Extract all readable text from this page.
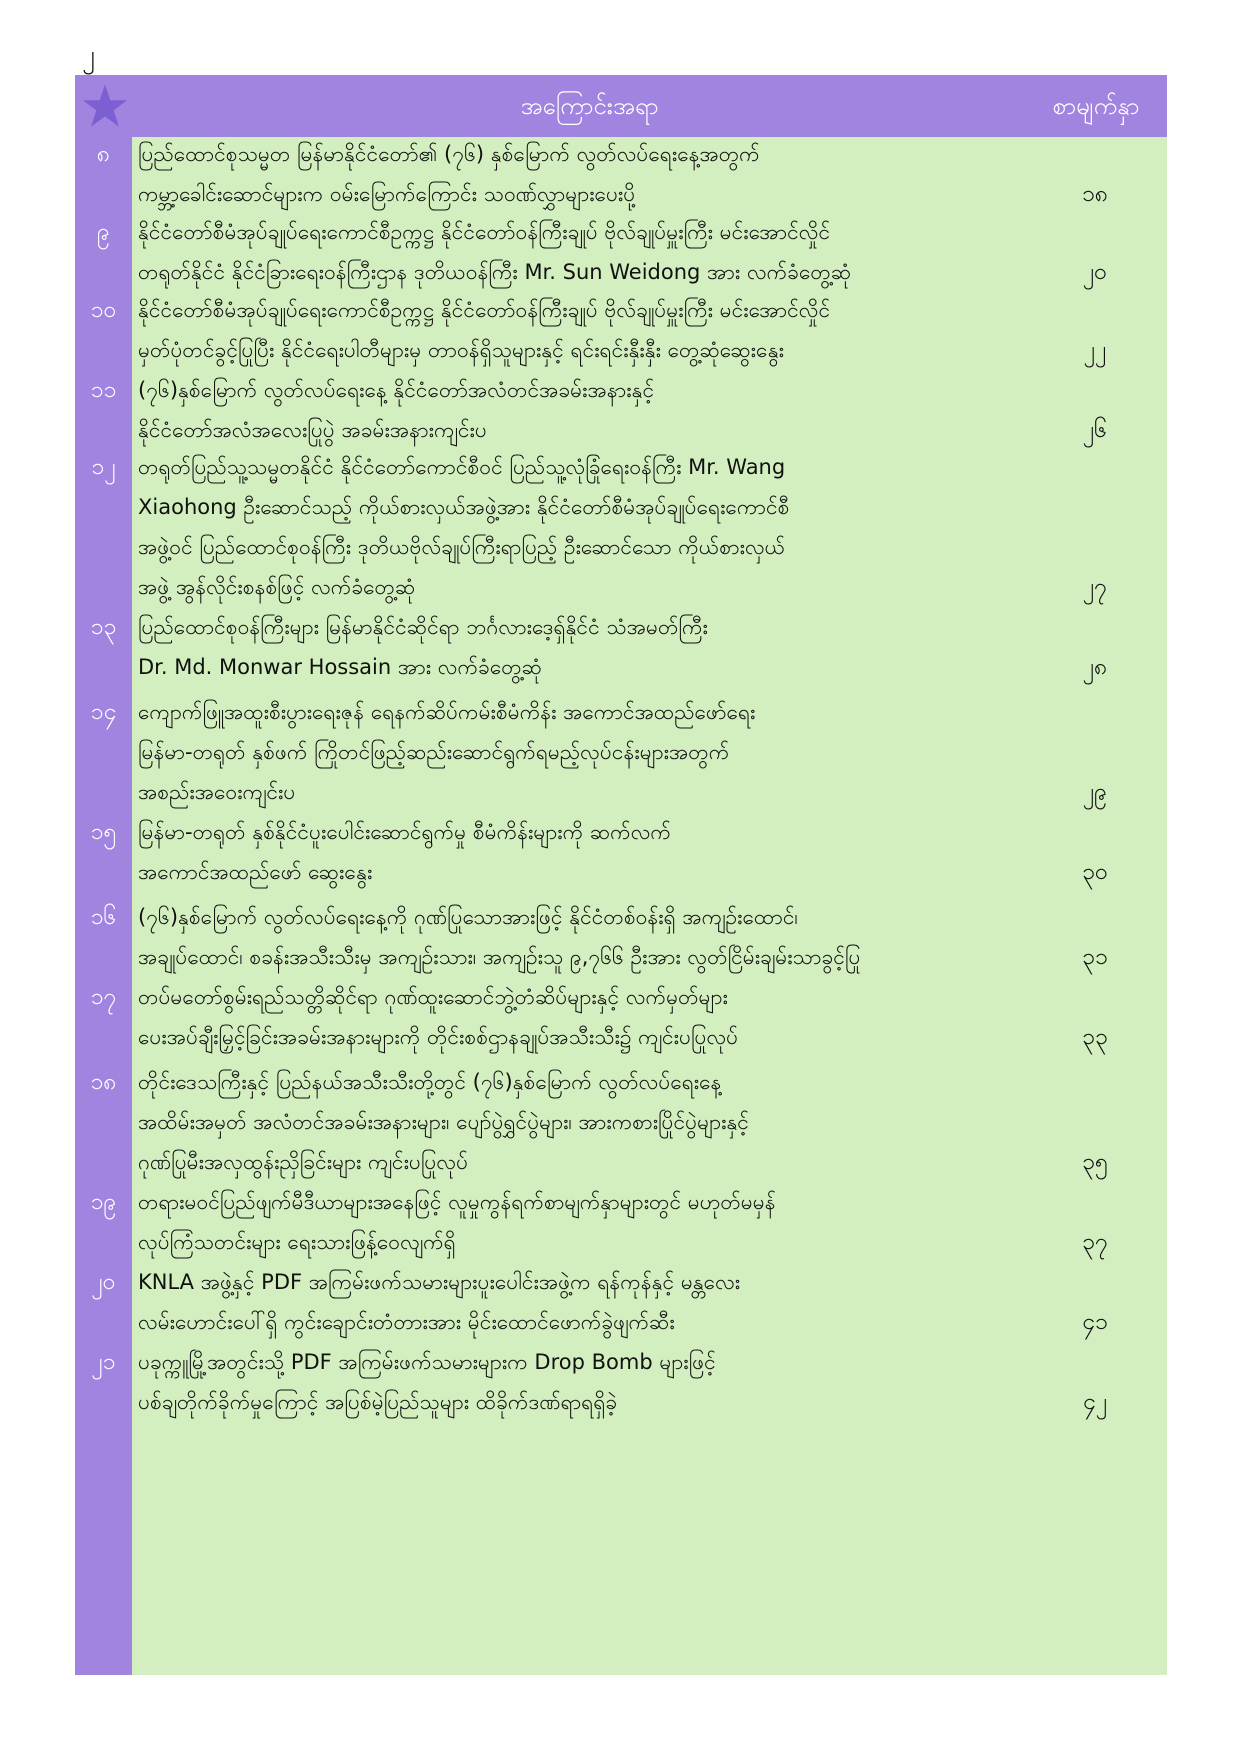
၂
အကြောင်းအရာ	စာမျက်နှာ
၈	ပြည်ထောင်စုသမ္မတ မြန်မာနိုင်ငံတော်၏ (၇၆) နှစ်မြောက် လွတ်လပ်ရေးနေ့အတွက်
ကမ္ဘာ့ခေါင်းဆောင်များက ဝမ်းမြောက်ကြောင်း သဝဏ်လွှာများပေးပို့	၁၈
၉	နိုင်ငံတော်စီမံအုပ်ချုပ်ရေးကောင်စီဥက္ကဋ္ဌ နိုင်ငံတော်ဝန်ကြီးချုပ် ဗိုလ်ချုပ်မှူးကြီး မင်းအောင်လှိုင်
တရုတ်နိုင်ငံ နိုင်ငံခြားရေးဝန်ကြီးဌာန ဒုတိယဝန်ကြီး Mr. Sun Weidong အား လက်ခံတွေ့ဆုံ	၂၀
၁၀	နိုင်ငံတော်စီမံအုပ်ချုပ်ရေးကောင်စီဥက္ကဋ္ဌ နိုင်ငံတော်ဝန်ကြီးချုပ် ဗိုလ်ချုပ်မှူးကြီး မင်းအောင်လှိုင်
မှတ်ပုံတင်ခွင့်ပြုပြီး နိုင်ငံရေးပါတီများမှ တာဝန်ရှိသူများနှင့် ရင်းရင်းနှီးနှီး တွေ့ဆုံဆွေးနွေး	၂၂
၁၁	(၇၆)နှစ်မြောက် လွတ်လပ်ရေးနေ့ နိုင်ငံတော်အလံတင်အခမ်းအနားနှင့်
နိုင်ငံတော်အလံအလေးပြုပွဲ အခမ်းအနားကျင်းပ	၂၆
၁၂	တရုတ်ပြည်သူ့သမ္မတနိုင်ငံ နိုင်ငံတော်ကောင်စီဝင် ပြည်သူ့လုံခြုံရေးဝန်ကြီး Mr. Wang
Xiaohong ဦးဆောင်သည့် ကိုယ်စားလှယ်အဖွဲ့အား နိုင်ငံတော်စီမံအုပ်ချုပ်ရေးကောင်စီ
အဖွဲ့ဝင် ပြည်ထောင်စုဝန်ကြီး ဒုတိယဗိုလ်ချုပ်ကြီးရာပြည့် ဦးဆောင်သော ကိုယ်စားလှယ်
အဖွဲ့ အွန်လိုင်းစနစ်ဖြင့် လက်ခံတွေ့ဆုံ	၂၇
၁၃	ပြည်ထောင်စုဝန်ကြီးများ မြန်မာနိုင်ငံဆိုင်ရာ ဘင်္ဂလားဒေ့ရှ်နိုင်ငံ သံအမတ်ကြီး
Dr. Md. Monwar Hossain အား လက်ခံတွေ့ဆုံ	၂၈
၁၄	ကျောက်ဖြူအထူးစီးပွားရေးဇုန် ရေနက်ဆိပ်ကမ်းစီမံကိန်း အကောင်အထည်ဖော်ရေး
မြန်မာ-တရုတ် နှစ်ဖက် ကြိုတင်ဖြည့်ဆည်းဆောင်ရွက်ရမည့်လုပ်ငန်းများအတွက်
အစည်းအဝေးကျင်းပ	၂၉
၁၅	မြန်မာ-တရုတ် နှစ်နိုင်ငံပူးပေါင်းဆောင်ရွက်မှု စီမံကိန်းများကို ဆက်လက်
အကောင်အထည်ဖော် ဆွေးနွေး	၃၀
၁၆	(၇၆)နှစ်မြောက် လွတ်လပ်ရေးနေ့ကို ဂုဏ်ပြုသောအားဖြင့် နိုင်ငံတစ်ဝန်းရှိ အကျဉ်းထောင်၊
အချုပ်ထောင်၊ စခန်းအသီးသီးမှ အကျဉ်းသား၊ အကျဉ်းသူ ၉,၇၆၆ ဦးအား လွတ်ငြိမ်းချမ်းသာခွင့်ပြု	၃၁
၁၇	တပ်မတော်စွမ်းရည်သတ္တိဆိုင်ရာ ဂုဏ်ထူးဆောင်ဘွဲ့တံဆိပ်များနှင့် လက်မှတ်များ
ပေးအပ်ချီးမြှင့်ခြင်းအခမ်းအနားများကို တိုင်းစစ်ဌာနချုပ်အသီးသီး၌ ကျင်းပပြုလုပ်	၃၃
၁၈	တိုင်းဒေသကြီးနှင့် ပြည်နယ်အသီးသီးတို့တွင် (၇၆)နှစ်မြောက် လွတ်လပ်ရေးနေ့
အထိမ်းအမှတ် အလံတင်အခမ်းအနားများ၊ ပျော်ပွဲရွှင်ပွဲများ၊ အားကစားပြိုင်ပွဲများနှင့်
ဂုဏ်ပြုမီးအလှထွန်းညှိခြင်းများ ကျင်းပပြုလုပ်	၃၅
၁၉	တရားမဝင်ပြည်ဖျက်မီဒီယာများအနေဖြင့် လူမှုကွန်ရက်စာမျက်နှာများတွင် မဟုတ်မမှန်
လုပ်ကြံသတင်းများ ရေးသားဖြန့်ဝေလျက်ရှိ	၃၇
၂၀	KNLA အဖွဲ့နှင့် PDF အကြမ်းဖက်သမားများပူးပေါင်းအဖွဲ့က ရန်ကုန်နှင့် မန္တလေး
လမ်းဟောင်းပေါ်ရှိ ကွင်းချောင်းတံတားအား မိုင်းထောင်ဖောက်ခွဲဖျက်ဆီး	၄၁
၂၁	ပခုက္ကူမြို့အတွင်းသို့ PDF အကြမ်းဖက်သမားများက Drop Bomb များဖြင့်
ပစ်ချတိုက်ခိုက်မှုကြောင့် အပြစ်မဲ့ပြည်သူများ ထိခိုက်ဒဏ်ရာရရှိခဲ့	၄၂
